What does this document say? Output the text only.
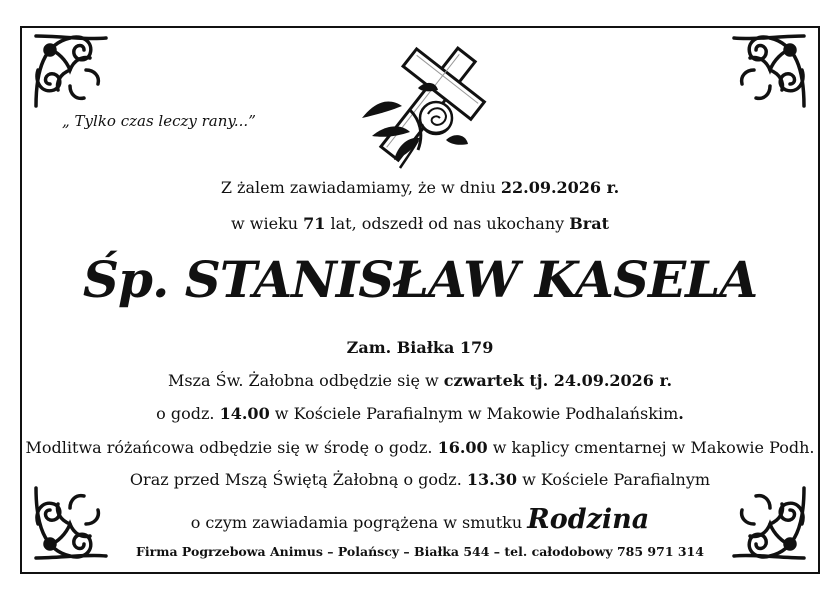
„ Tylko czas leczy rany...”
Z żalem zawiadamiamy, że w dniu 22.09.2026 r.
w wieku 71 lat, odszedł od nas ukochany Brat
Śp. STANISŁAW KASELA
Zam. Białka 179
Msza Św. Żałobna odbędzie się w czwartek tj. 24.09.2026 r.
o godz. 14.00 w Kościele Parafialnym w Makowie Podhalańskim.
Modlitwa różańcowa odbędzie się w środę o godz. 16.00 w kaplicy cmentarnej w Makowie Podh.
Oraz przed Mszą Świętą Żałobną o godz. 13.30 w Kościele Parafialnym
o czym zawiadamia pogrążena w smutku Rodzina
Firma Pogrzebowa Animus – Polańscy – Białka 544 – tel. całodobowy 785 971 314
